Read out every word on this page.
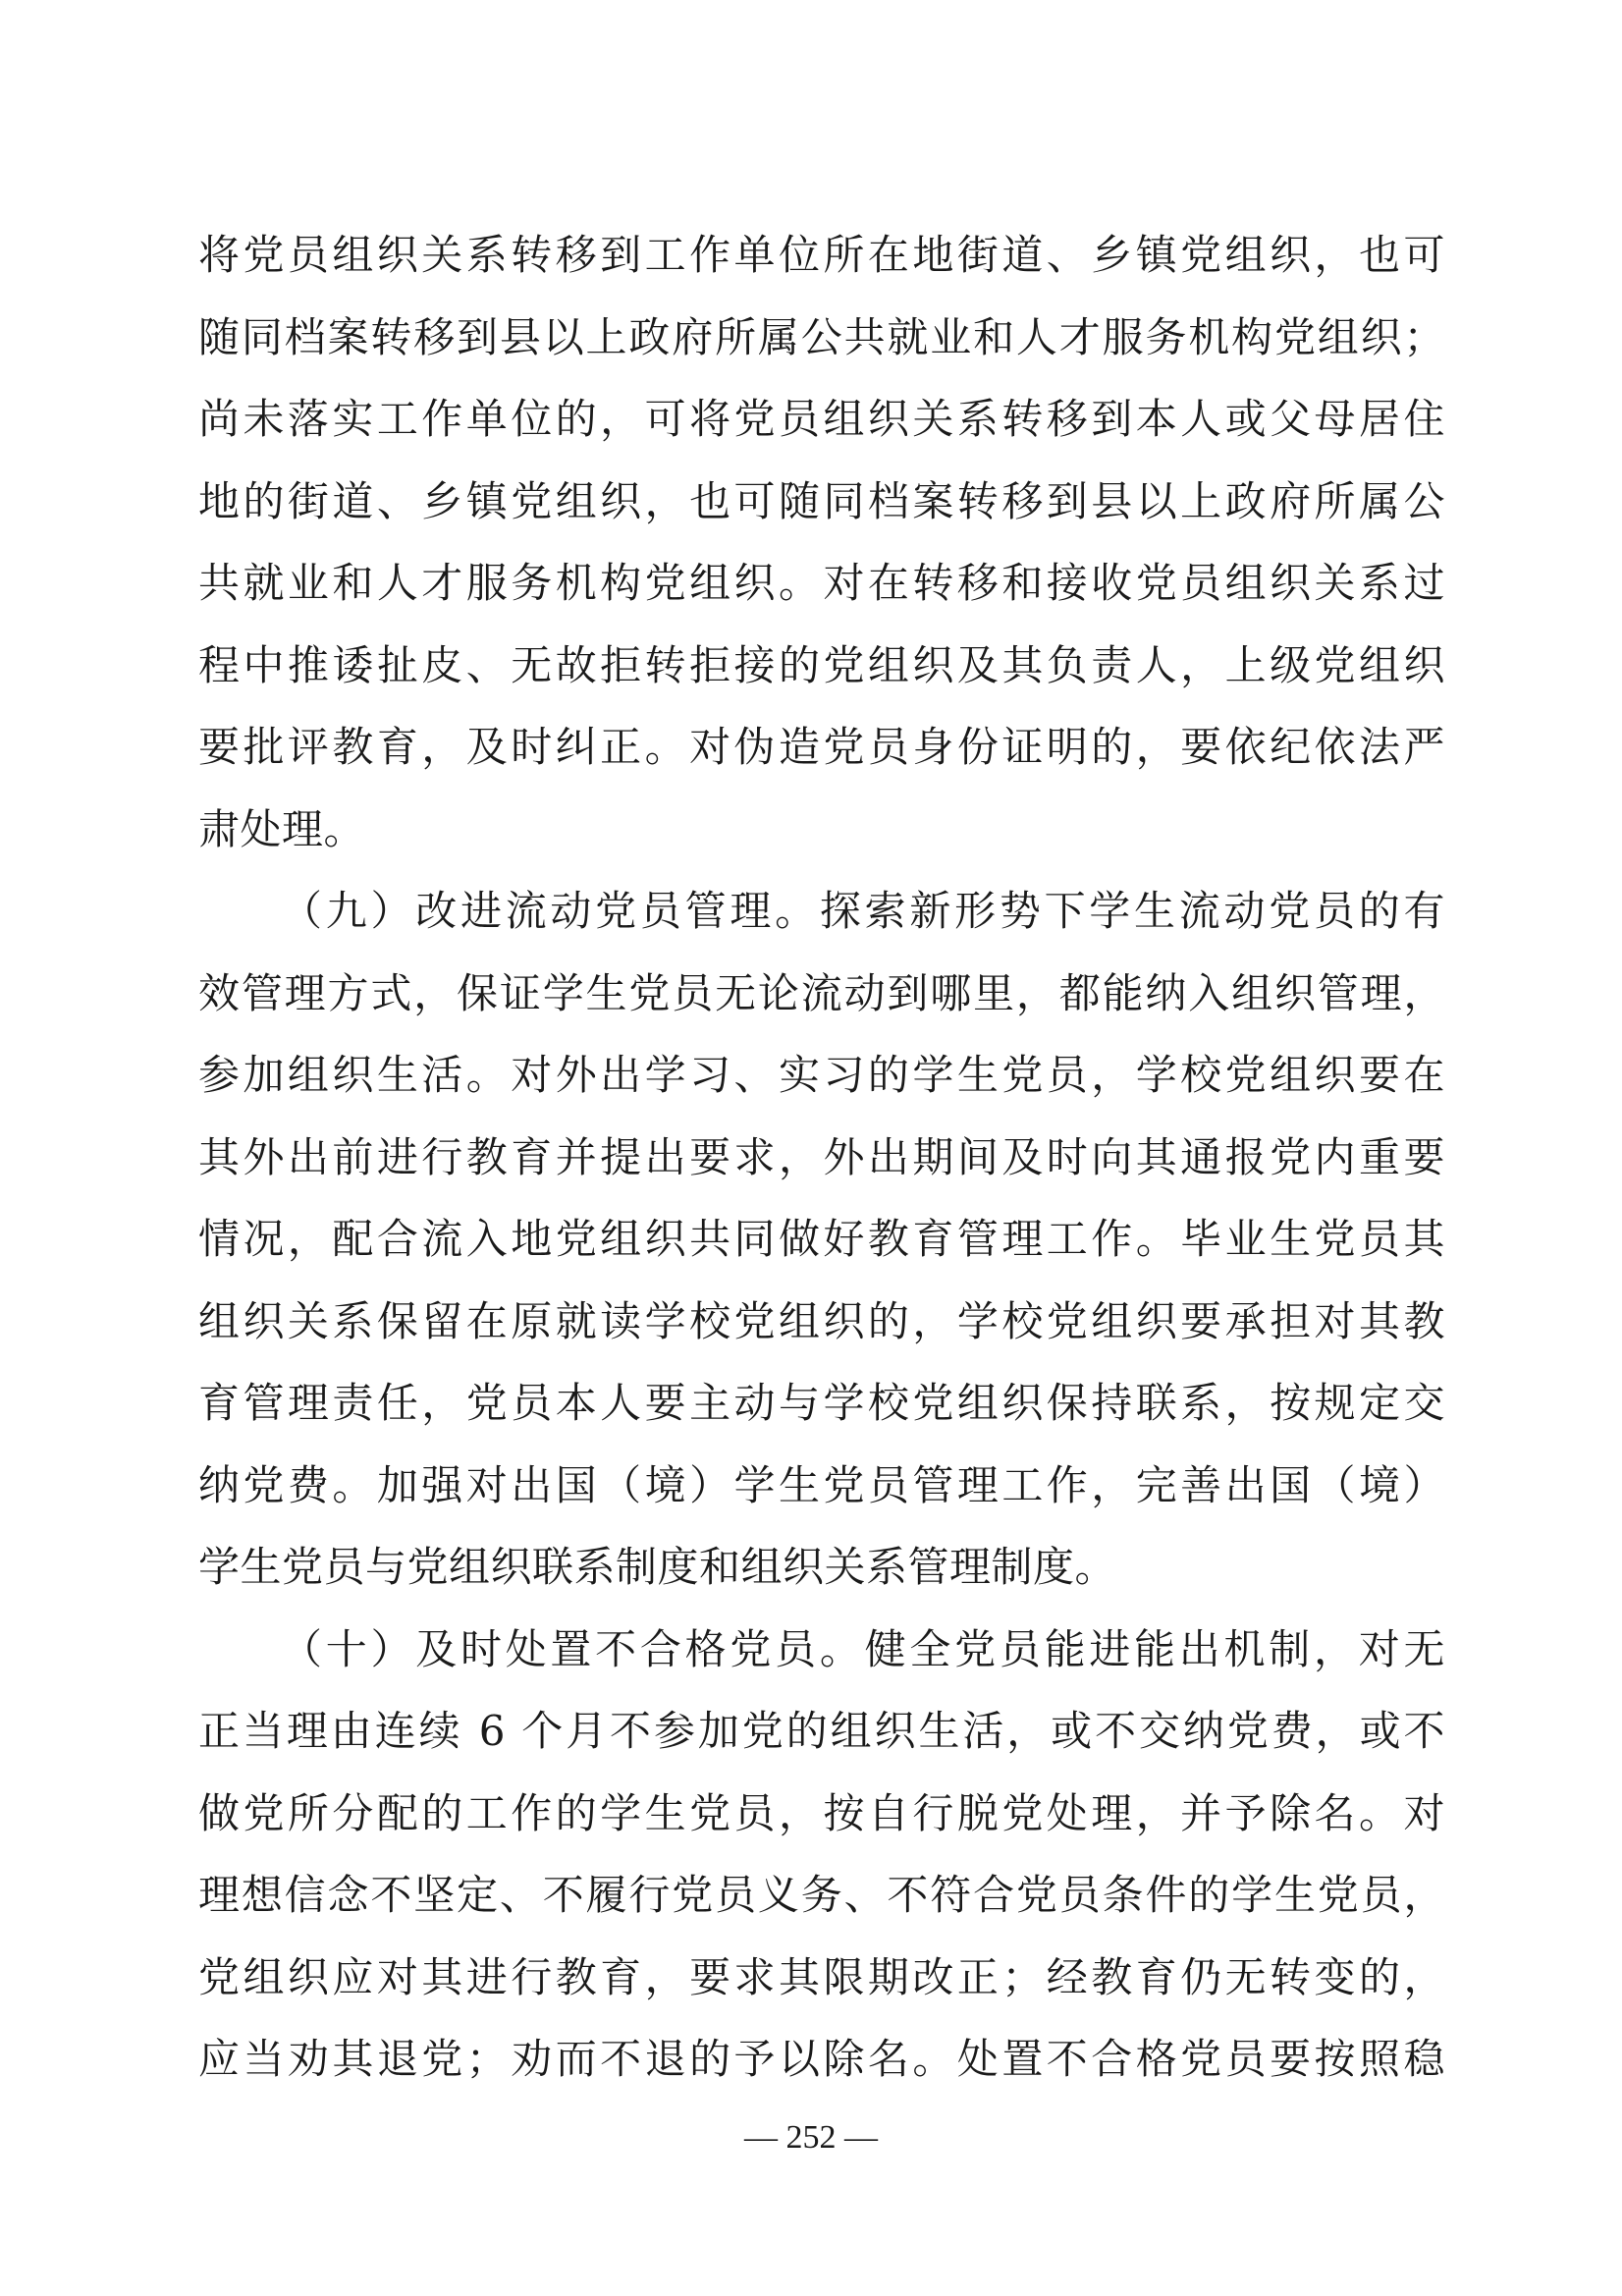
将党员组织关系转移到工作单位所在地街道、乡镇党组织，也可
随同档案转移到县以上政府所属公共就业和人才服务机构党组织；
尚未落实工作单位的，可将党员组织关系转移到本人或父母居住
地的街道、乡镇党组织，也可随同档案转移到县以上政府所属公
共就业和人才服务机构党组织。对在转移和接收党员组织关系过
程中推诿扯皮、无故拒转拒接的党组织及其负责人，上级党组织
要批评教育，及时纠正。对伪造党员身份证明的，要依纪依法严
肃处理。
（九）改进流动党员管理。探索新形势下学生流动党员的有
效管理方式，保证学生党员无论流动到哪里，都能纳入组织管理，
参加组织生活。对外出学习、实习的学生党员，学校党组织要在
其外出前进行教育并提出要求，外出期间及时向其通报党内重要
情况，配合流入地党组织共同做好教育管理工作。毕业生党员其
组织关系保留在原就读学校党组织的，学校党组织要承担对其教
育管理责任，党员本人要主动与学校党组织保持联系，按规定交
纳党费。加强对出国（境）学生党员管理工作，完善出国（境）
学生党员与党组织联系制度和组织关系管理制度。
（十）及时处置不合格党员。健全党员能进能出机制，对无
正当理由连续 6 个月不参加党的组织生活，或不交纳党费，或不
做党所分配的工作的学生党员，按自行脱党处理，并予除名。对
理想信念不坚定、不履行党员义务、不符合党员条件的学生党员，
党组织应对其进行教育，要求其限期改正；经教育仍无转变的，
应当劝其退党；劝而不退的予以除名。处置不合格党员要按照稳
— 252 —
